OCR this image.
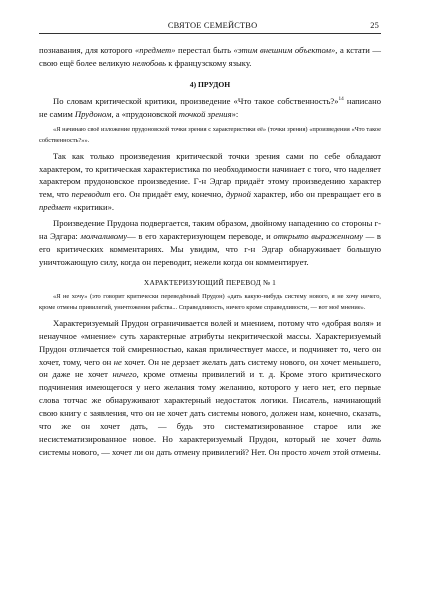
СВЯТОЕ СЕМЕЙСТВО	25

познавания, для которого «предмет» перестал быть «этим внешним объектом», а кстати — свою ещё более великую нелюбовь к французскому языку.

4) ПРУДОН

По словам критической критики, произведение «Что такое собственность?»$^{14}$ написано не самим Прудоном, а «прудоновской точкой зрения»:

«Я начинаю своё изложение прудоновской точки зрения с характеристики её» (точки зрения) «произведения «Что такое собственность?»».

Так как только произведения критической точки зрения сами по себе обладают характером, то критическая характеристика по необходимости начинает с того, что наделяет характером прудоновское произведение. Г-н Эдгар придаёт этому произведению характер тем, что переводит его. Он придаёт ему, конечно, дурной характер, ибо он превращает его в предмет «критики».

Произведение Прудона подвергается, таким образом, двойному нападению со стороны г-на Эдгара: молчаливому— в его характеризующем переводе, и открыто выраженному — в его критических комментариях. Мы увидим, что г-н Эдгар обнаруживает большую уничтожающую силу, когда он переводит, нежели когда он комментирует.

ХАРАКТЕРИЗУЮЩИЙ ПЕРЕВОД № 1

«Я не хочу» (это говорит критически переведённый Прудон) «дать какую-нибудь систему нового, я не хочу ничего, кроме отмены привилегий, уничтожения рабства... Справедливость, ничего кроме справедливости, — вот моё мнение».

Характеризуемый Прудон ограничивается волей и мнением, потому что «добрая воля» и ненаучное «мнение» суть характерные атрибуты некритической массы. Характеризуемый Прудон отличается той смиренностью, какая приличествует массе, и подчиняет то, чего он хочет, тому, чего он не хочет. Он не дерзает желать дать систему нового, он хочет меньшего, он даже не хочет ничего, кроме отмены привилегий и т. д. Кроме этого критического подчинения имеющегося у него желания тому желанию, которого у него нет, его первые слова тотчас же обнаруживают характерный недостаток логики. Писатель, начинающий свою книгу с заявления, что он не хочет дать системы нового, должен нам, конечно, сказать, что же он хочет дать, — будь это систематизированное старое или же несистематизированное новое. Но характеризуемый Прудон, который не хочет дать системы нового, — хочет ли он дать отмену привилегий? Нет. Он просто хочет этой отмены.
